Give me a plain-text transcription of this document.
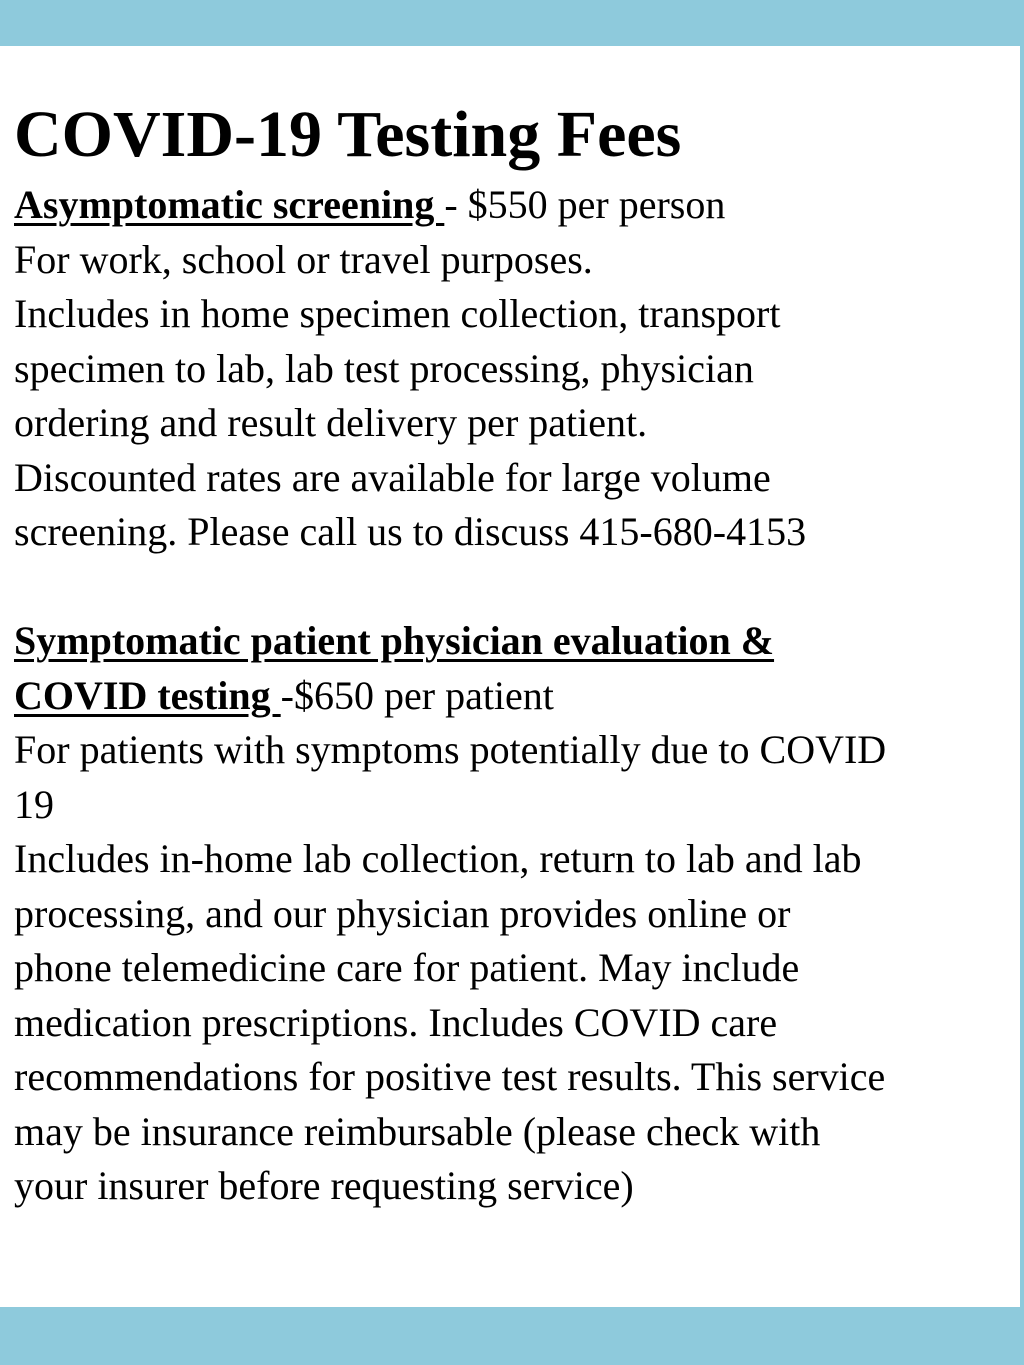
COVID-19 Testing Fees

Asymptomatic screening - $550 per person

For work, school or travel purposes.

Includes in home specimen collection, transport

specimen to lab, lab test processing, physician

ordering and result delivery per patient.

Discounted rates are available for large volume

screening. Please call us to discuss 415-680-4153

Symptomatic patient physician evaluation &

COVID testing -$650 per patient

For patients with symptoms potentially due to COVID

19

Includes in-home lab collection, return to lab and lab

processing, and our physician provides online or

phone telemedicine care for patient. May include

medication prescriptions. Includes COVID care

recommendations for positive test results. This service

may be insurance reimbursable (please check with

your insurer before requesting service)
